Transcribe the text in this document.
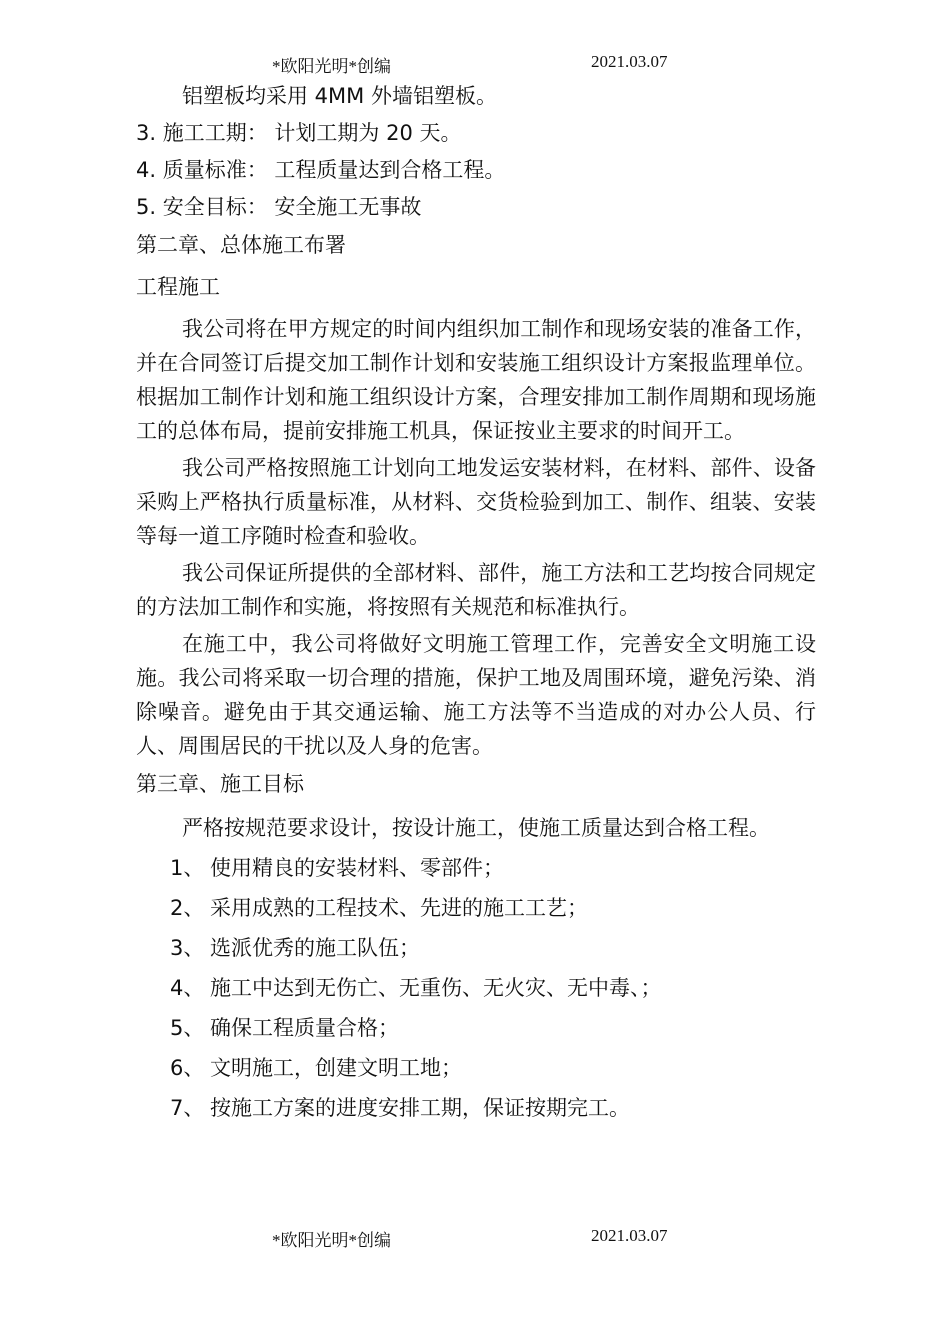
*欧阳光明*创编	2021.03.07
铝塑板均采用 4MM 外墙铝塑板。
3. 施工工期： 计划工期为 20 天。
4. 质量标准： 工程质量达到合格工程。
5. 安全目标： 安全施工无事故
第二章、总体施工布署
工程施工

我公司将在甲方规定的时间内组织加工制作和现场安装的准备工作，并在合同签订后提交加工制作计划和安装施工组织设计方案报监理单位。根据加工制作计划和施工组织设计方案，合理安排加工制作周期和现场施工的总体布局，提前安排施工机具，保证按业主要求的时间开工。

我公司严格按照施工计划向工地发运安装材料，在材料、部件、设备采购上严格执行质量标准，从材料、交货检验到加工、制作、组装、安装等每一道工序随时检查和验收。

我公司保证所提供的全部材料、部件，施工方法和工艺均按合同规定的方法加工制作和实施，将按照有关规范和标准执行。

在施工中，我公司将做好文明施工管理工作，完善安全文明施工设施。我公司将采取一切合理的措施，保护工地及周围环境，避免污染、消除噪音。避免由于其交通运输、施工方法等不当造成的对办公人员、行人、周围居民的干扰以及人身的危害。

第三章、施工目标

严格按规范要求设计，按设计施工，使施工质量达到合格工程。

1、 使用精良的安装材料、零部件；
2、 采用成熟的工程技术、先进的施工工艺；
3、 选派优秀的施工队伍；
4、 施工中达到无伤亡、无重伤、无火灾、无中毒、；
5、 确保工程质量合格；
6、 文明施工，创建文明工地；
7、 按施工方案的进度安排工期，保证按期完工。
*欧阳光明*创编	2021.03.07
